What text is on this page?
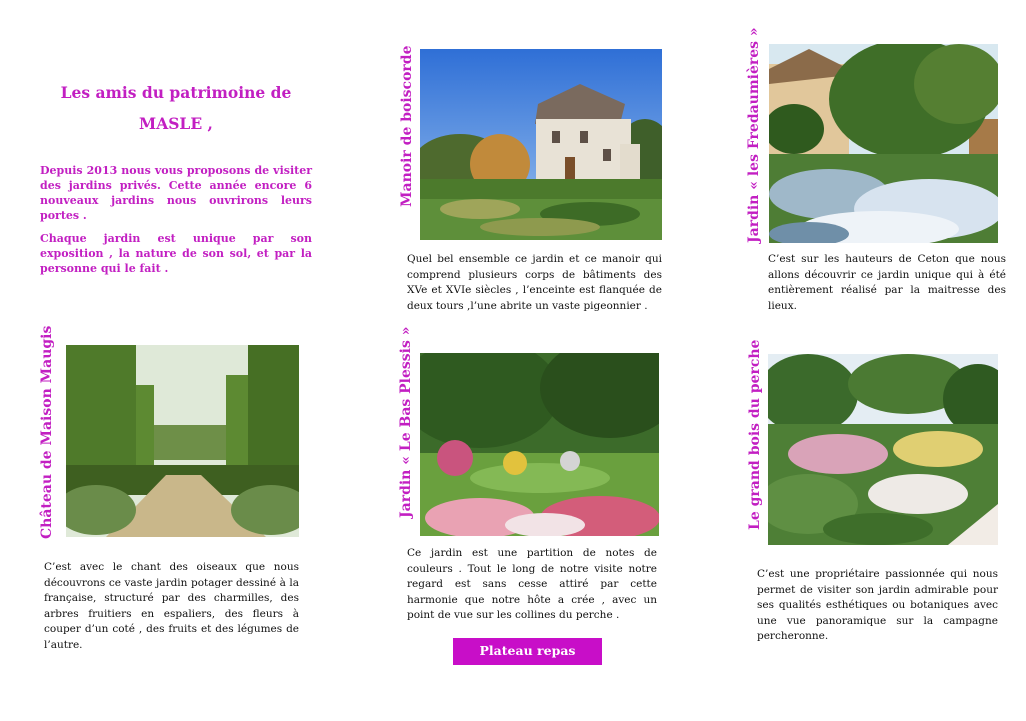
Les amis du patrimoine de
MASLE ,

Depuis 2013 nous vous proposons de visiter des jardins privés. Cette année encore 6 nouveaux jardins nous ouvrirons leurs portes .

Chaque jardin est unique par son exposition , la nature de son sol, et par la personne qui le fait .

Manoir de boiscorde

Quel bel ensemble ce jardin et ce manoir qui comprend plusieurs corps de bâtiments des XVe et XVIe siècles , l’enceinte est flanquée de deux tours ,l’une abrite un vaste pigeonnier .

Jardin « les Fredaumières »

C’est sur les hauteurs de Ceton que nous allons découvrir ce jardin unique qui à été entièrement réalisé par la maitresse des lieux.

Château de Maison Maugis

C’est avec le chant des oiseaux que nous découvrons ce vaste jardin potager dessiné à la française, structuré par des charmilles, des arbres fruitiers en espaliers, des fleurs à couper d’un coté , des fruits et des légumes de l’autre.

Jardin « Le Bas Plessis »

Ce jardin est une partition de notes de couleurs . Tout le long de notre visite notre regard est sans cesse attiré par cette harmonie que notre hôte a crée , avec un point de vue sur les collines du perche .

Le grand bois du perche

C’est une propriétaire passionnée qui nous permet de visiter son jardin admirable pour ses qualités esthétiques ou botaniques avec une vue panoramique sur la campagne percheronne.

Plateau repas
